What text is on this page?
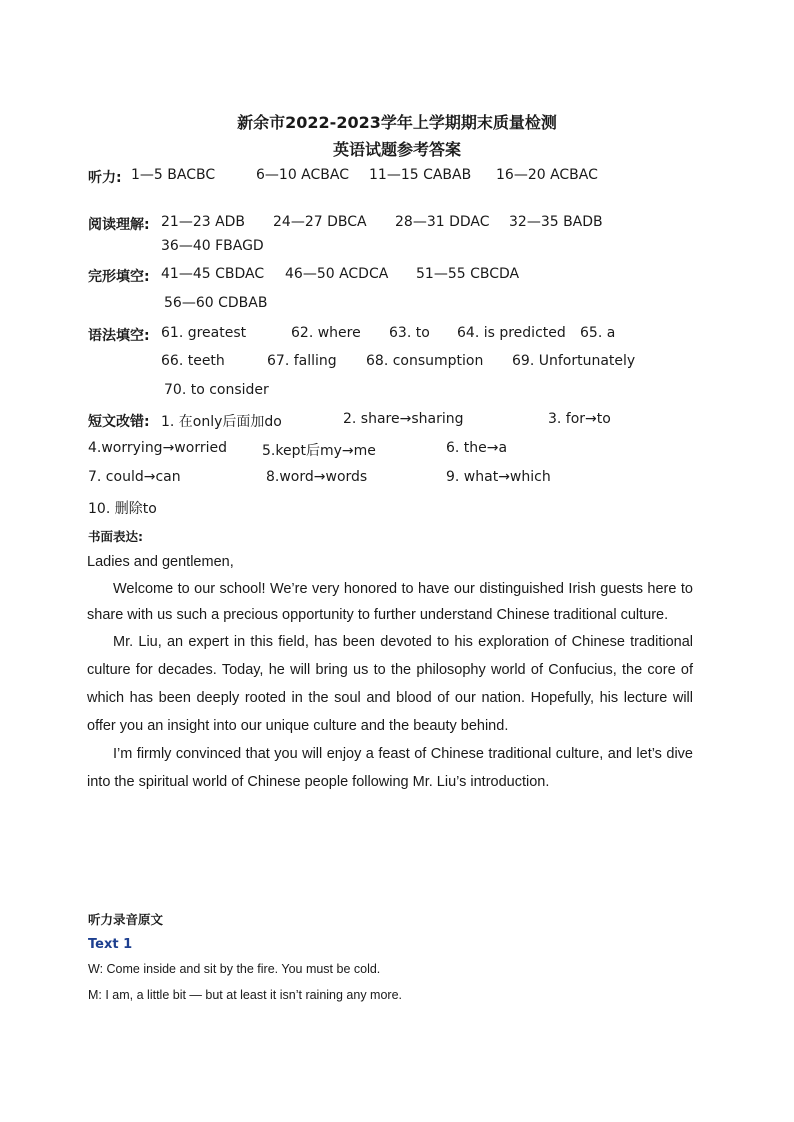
新余市2022-2023学年上学期期末质量检测
英语试题参考答案
听力: 1—5 BACBC	6—10 ACBAC 11—15 CABAB 16—20 ACBAC
阅读理解: 21—23 ADB 24—27 DBCA 28—31 DDAC 32—35 BADB
36—40 FBAGD
完形填空: 41—45 CBDAC 46—50 ACDCA 51—55 CBCDA
56—60 CDBAB
语法填空: 61. greatest	62. where 63. to 64. is predicted 65. a
66. teeth	67. falling 68. consumption 69. Unfortunately
70. to consider
短文改错: 1. 在only后面加do	2. share→sharing	3. for→to
4.worrying→worried	5.kept后my→me	6. the→a
7. could→can	8.word→words	9. what→which
10. 删除to
书面表达:

Ladies and gentlemen,

Welcome to our school! We’re very honored to have our distinguished Irish guests here to share with us such a precious opportunity to further understand Chinese traditional culture.

Mr. Liu, an expert in this field, has been devoted to his exploration of Chinese traditional culture for decades. Today, he will bring us to the philosophy world of Confucius, the core of which has been deeply rooted in the soul and blood of our nation. Hopefully, his lecture will offer you an insight into our unique culture and the beauty behind.

I’m firmly convinced that you will enjoy a feast of Chinese traditional culture, and let’s dive into the spiritual world of Chinese people following Mr. Liu’s introduction.

听力录音原文
Text 1
W: Come inside and sit by the fire. You must be cold.
M: I am, a little bit — but at least it isn’t raining any more.
